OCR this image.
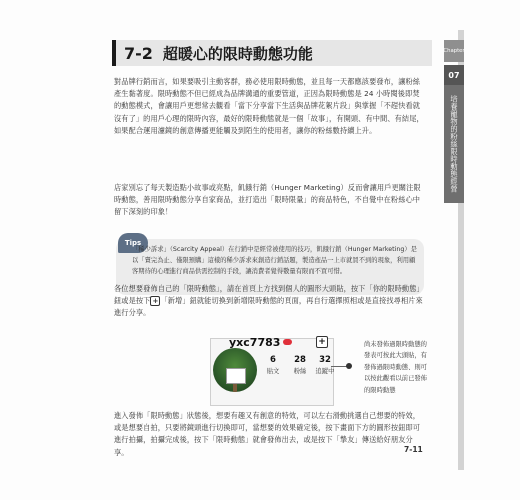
Chapter
07
培養寵物的粉絲限時動態經營
7-2 超暖心的限時動態功能

對品牌行銷而言，如果要吸引主動客群，務必使用限時動態，並且每一天都應該要發布，讓粉絲產生黏著度。限時動態不但已經成為品牌溝通的重要管道，正因為限時動態是 24 小時閱後即焚的動態模式，會讓用戶更想常去觀看「當下分享當下生活與品牌花絮片段」與掌握「不趕快看就沒有了」的用戶心理的限時內容，最好的限時動態就是一個「故事」，有開頭、有中間、有結尾，如果配合運用濾鏡的創意傳播更能觸及到陌生的使用者，讓你的粉絲數持續上升。

店家別忘了每天製造點小故事或亮點，飢餓行銷（Hunger Marketing）反而會讓用戶更關注限時動態，善用限時動態分享自家商品，並打造出「限時限量」的商品特色，不自覺中在粉絲心中留下深刻的印象！

Tips

「稀少訴求」（Scarcity Appeal）在行銷中是經常被使用的技巧，飢餓行銷（Hunger Marketing）是以「賣完為止、僅限預購」這樣的稀少訴求來創造行銷話題，製造產品一上市就買不到的現象，利用顧客期待的心理進行商品供需控制的手段，讓消費者覺得數量有限而不買可惜。

各位想要發佈自己的「限時動態」，請在首頁上方找到個人的圓形大頭貼，按下「你的限時動態」鈕或是按下 + 「新增」鈕就能切換到新增限時動態的頁面，再自行選擇照相或是直接找尋相片來進行分享。

yxc7783	+
6
貼文
28
粉絲
32
追蹤中

尚未發佈過限時動態的發表可按此大頭貼，有發佈過限時動態、則可以按此觀看以前已發佈的限時動態

進入發佈「限時動態」狀態後，想要有趣又有創意的特效，可以左右滑動挑選自己想要的特效，或是想要自拍，只要將鏡頭進行切換即可，當想要的效果確定後，按下畫面下方的圓形按鈕即可進行拍攝，拍攝完成後，按下「限時動態」就會發佈出去，或是按下「摯友」傳送給好朋友分享。	7-11
